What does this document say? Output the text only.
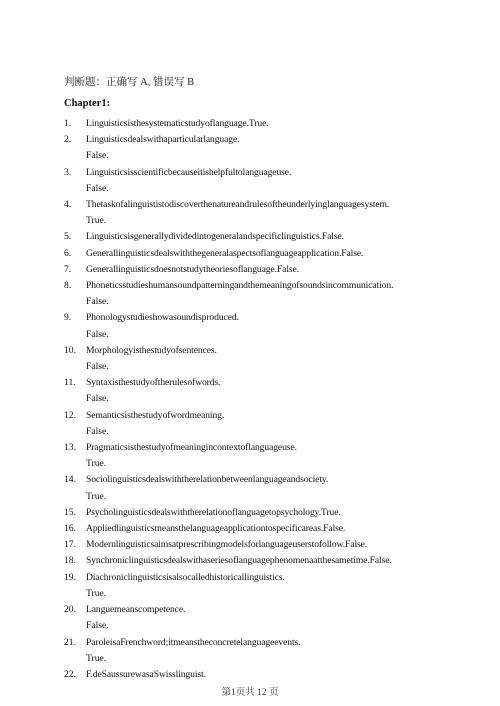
判断题：正确写 A, 错误写 B
Chapter1:
1.	Linguisticsisthesystematicstudyoflanguage.True.
2.	Linguisticsdealswithaparticularlanguage.
False.
3.	Linguisticsisscientificbecauseitishelpfultolanguageuse.
False.
4.	Thetaskofalinguististodiscoverthenatureandrulesoftheunderlyinglanguagesystem.
True.
5.	Linguisticsisgenerallydividedintogeneralandspecificlinguistics.False.
6.	Generallinguisticsdealswiththegeneralaspectsoflanguageapplication.False.
7.	Generallinguisticsdoesnotstudytheoriesoflanguage.False.
8.	Phoneticsstudieshumansoundpatterningandthemeaningofsoundsincommunication.
False.
9.	Phonologystudieshowasoundisproduced.
False.
10.	Morphologyisthestudyofsentences.
False.
11.	Syntaxisthestudyoftherulesofwords.
False.
12.	Semanticsisthestudyofwordmeaning.
False.
13.	Pragmaticsisthestudyofmeaningincontextoflanguageuse.
True.
14.	Sociolinguisticsdealswiththerelationbetweenlanguageandsociety.
True.
15.	Psycholinguisticsdealswiththerelationoflanguagetopsychology.True.
16.	Appliedlinguisticsmeansthelanguageapplicationtospecificareas.False.
17.	Modernlinguisticsaimsatprescribingmodelsforlanguageuserstofollow.False.
18.	Synchroniclinguisticsdealswithaseriesoflanguagephenomenaatthesametime.False.
19.	Diachroniclinguisticsisalsocalledhistoricallinguistics.
True.
20.	Languemeanscompetence.
False.
21.	ParoleisaFrenchword;itmeanstheconcretelanguageevents.
True.
22.	F.deSaussurewasaSwisslinguist.
第1页共 12 页
